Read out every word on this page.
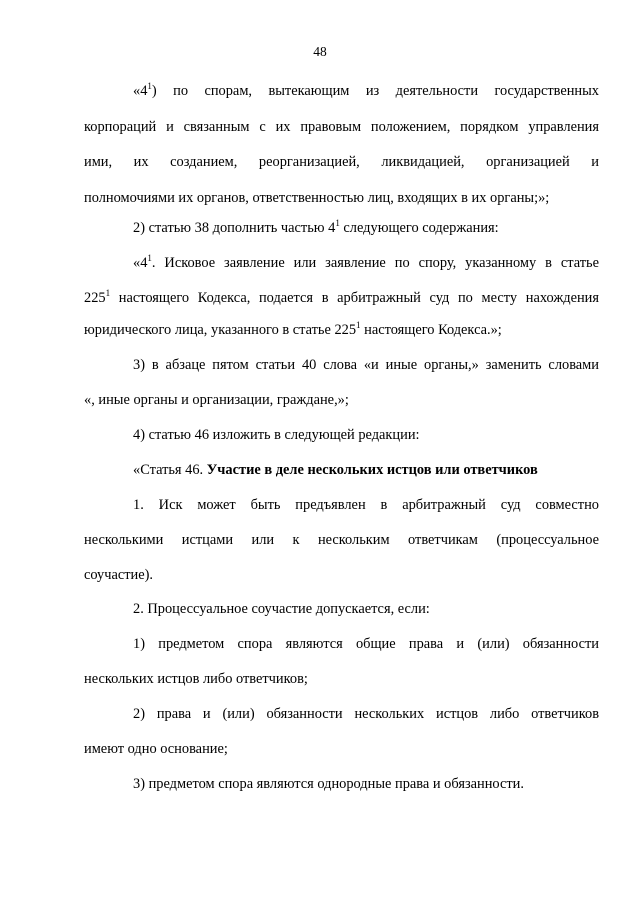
48
«$4^1$) по спорам, вытекающим из деятельности государственных
корпораций и связанным с их правовым положением, порядком управления
ими, их созданием, реорганизацией, ликвидацией, организацией и
полномочиями их органов, ответственностью лиц, входящих в их органы;»;
2) статью 38 дополнить частью $4^1$ следующего содержания:
«$4^1$. Исковое заявление или заявление по спору, указанному в статье
$225^1$ настоящего Кодекса, подается в арбитражный суд по месту нахождения
юридического лица, указанного в статье $225^1$ настоящего Кодекса.»;
3) в абзаце пятом статьи 40 слова «и иные органы,» заменить словами
«, иные органы и организации, граждане,»;
4) статью 46 изложить в следующей редакции:
«Статья 46. Участие в деле нескольких истцов или ответчиков
1. Иск может быть предъявлен в арбитражный суд совместно
несколькими истцами или к нескольким ответчикам (процессуальное
соучастие).
2. Процессуальное соучастие допускается, если:
1) предметом спора являются общие права и (или) обязанности
нескольких истцов либо ответчиков;
2) права и (или) обязанности нескольких истцов либо ответчиков
имеют одно основание;
3) предметом спора являются однородные права и обязанности.
